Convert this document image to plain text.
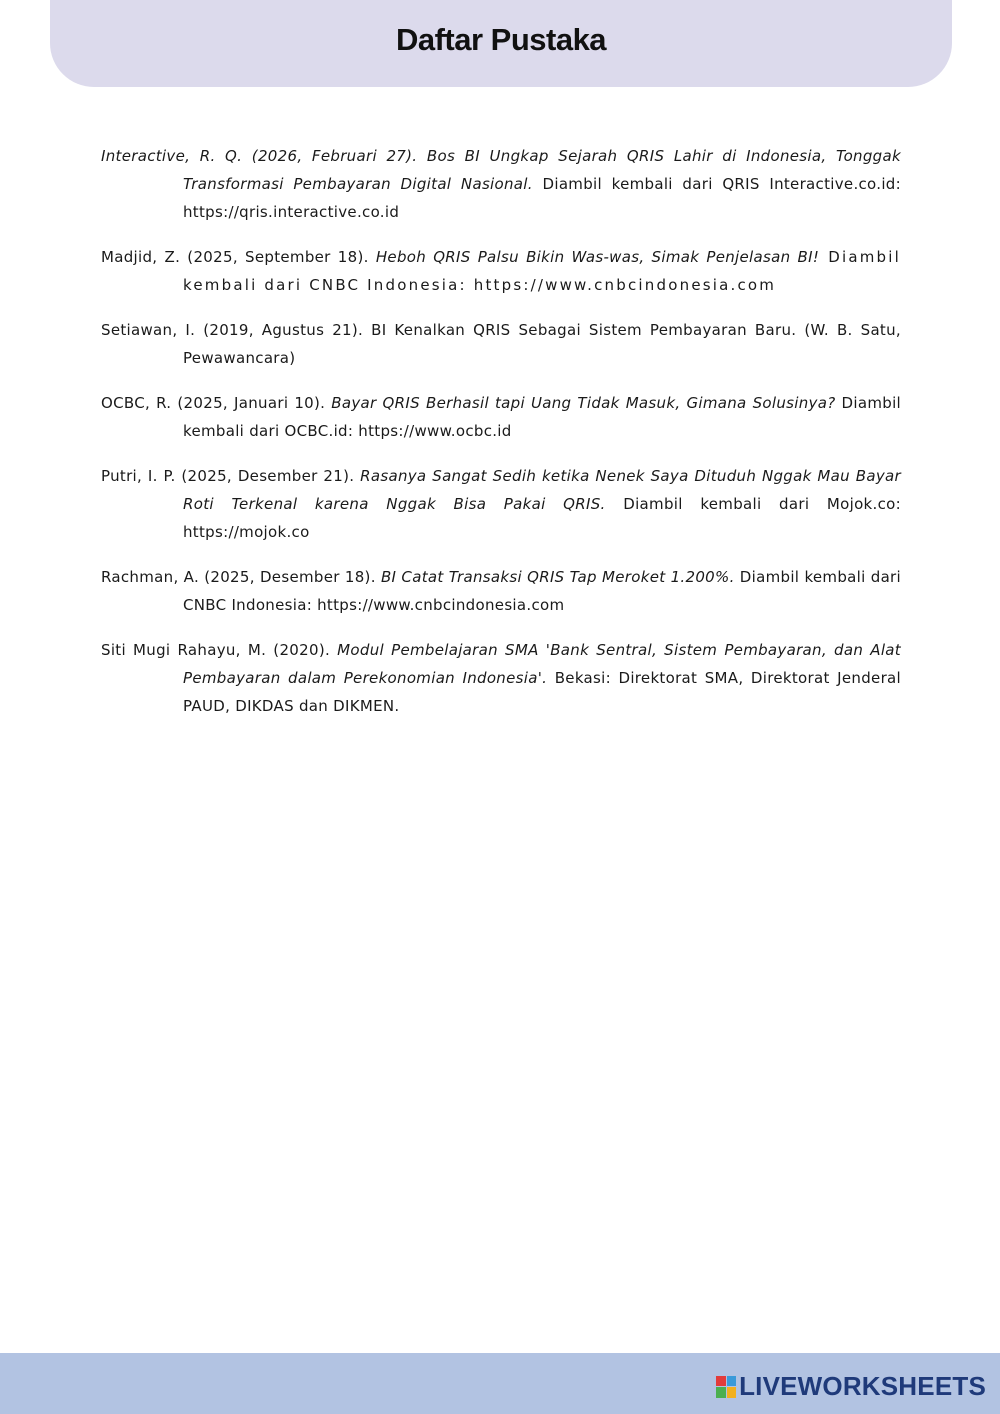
Daftar Pustaka

Interactive, R. Q. (2026, Februari 27). Bos BI Ungkap Sejarah QRIS Lahir di Indonesia, Tonggak Transformasi Pembayaran Digital Nasional. Diambil kembali dari QRIS Interactive.co.id: https://qris.interactive.co.id

Madjid, Z. (2025, September 18). Heboh QRIS Palsu Bikin Was-was, Simak Penjelasan BI! Diambil kembali dari CNBC Indonesia: https://www.cnbcindonesia.com

Setiawan, I. (2019, Agustus 21). BI Kenalkan QRIS Sebagai Sistem Pembayaran Baru. (W. B. Satu, Pewawancara)

OCBC, R. (2025, Januari 10). Bayar QRIS Berhasil tapi Uang Tidak Masuk, Gimana Solusinya? Diambil kembali dari OCBC.id: https://www.ocbc.id

Putri, I. P. (2025, Desember 21). Rasanya Sangat Sedih ketika Nenek Saya Dituduh Nggak Mau Bayar Roti Terkenal karena Nggak Bisa Pakai QRIS. Diambil kembali dari Mojok.co: https://mojok.co

Rachman, A. (2025, Desember 18). BI Catat Transaksi QRIS Tap Meroket 1.200%. Diambil kembali dari CNBC Indonesia: https://www.cnbcindonesia.com

Siti Mugi Rahayu, M. (2020). Modul Pembelajaran SMA 'Bank Sentral, Sistem Pembayaran, dan Alat Pembayaran dalam Perekonomian Indonesia'. Bekasi: Direktorat SMA, Direktorat Jenderal PAUD, DIKDAS dan DIKMEN.

LIVEWORKSHEETS
